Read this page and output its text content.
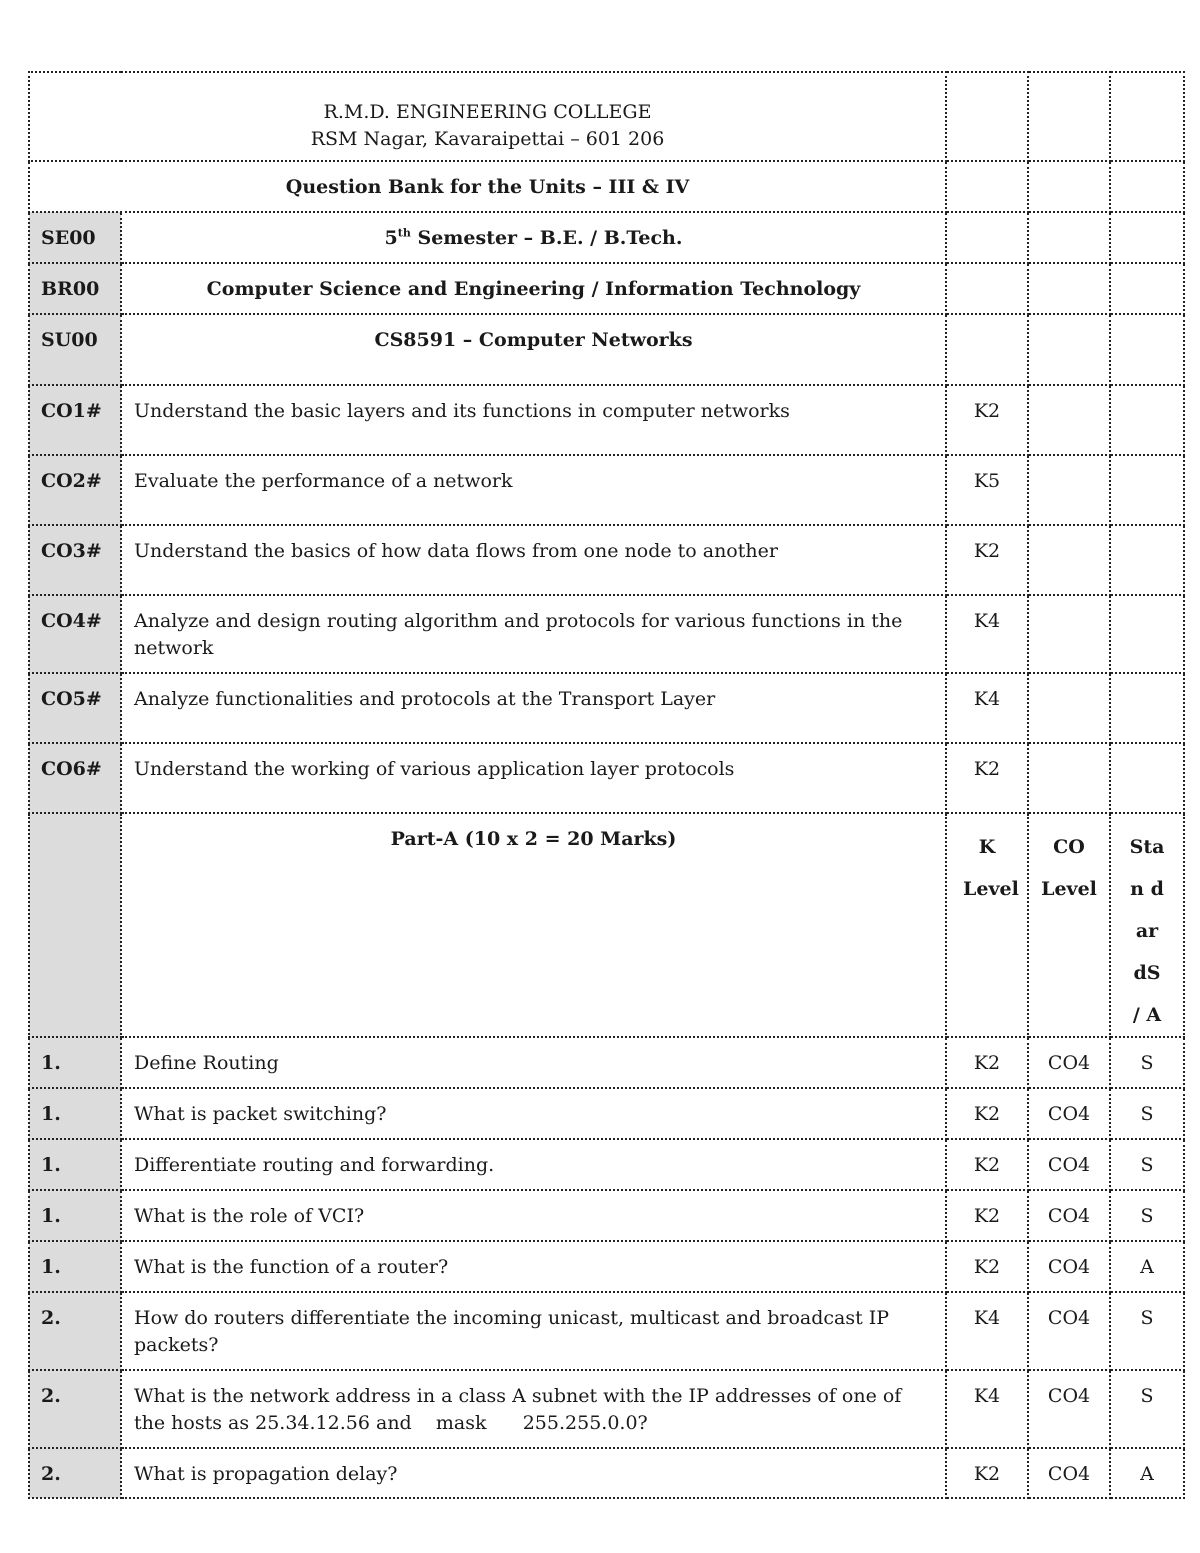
R.M.D. ENGINEERING COLLEGE
RSM Nagar, Kavaraipettai – 601 206				

Question Bank for the Units – III & IV				
SE00	5th Semester – B.E. / B.Tech.			
BR00	Computer Science and Engineering / Information Technology			
SU00	CS8591 – Computer Networks			
CO1#	Understand the basic layers and its functions in computer networks	K2		
CO2#	Evaluate the performance of a network	K5		
CO3#	Understand the basics of how data flows from one node to another	K2		
CO4#	Analyze and design routing algorithm and protocols for various functions in the network	K4		
CO5#	Analyze functionalities and protocols at the Transport Layer	K4		
CO6#	Understand the working of various application layer protocols	K2		
	Part-A (10 x 2 = 20 Marks)	K Level	CO Level	Stan dar dS / A
1.	Define Routing	K2	CO4	S
1.	What is packet switching?	K2	CO4	S
1.	Differentiate routing and forwarding.	K2	CO4	S
1.	What is the role of VCI?	K2	CO4	S
1.	What is the function of a router?	K2	CO4	A
2.	How do routers differentiate the incoming unicast, multicast and broadcast IP packets?	K4	CO4	S
2.	What is the network address in a class A subnet with the IP addresses of one of the hosts as 25.34.12.56 and    mask      255.255.0.0?	K4	CO4	S
2.	What is propagation delay?	K2	CO4	A
